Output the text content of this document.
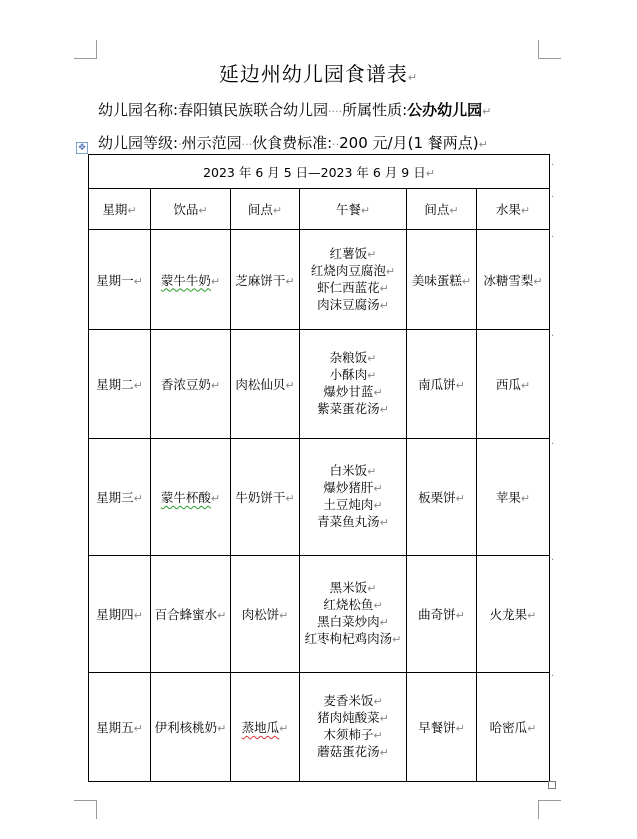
延边州幼儿园食谱表↵
幼儿园名称:春阳镇民族联合幼儿园····所属性质:公办幼儿园↵
幼儿园等级:·州示范园···伙食费标准:··200 元/月(1 餐两点)↵
✥
2023 年 6 月 5 日—2023 年 6 月 9 日↵					
星期↵	饮品↵	间点↵	午餐↵	间点↵	水果↵
星期一↵	蒙牛牛奶↵	芝麻饼干↵	红薯饭↵
红烧肉豆腐泡↵
虾仁西蓝花↵
肉沫豆腐汤↵	美味蛋糕↵	冰糖雪梨↵
星期二↵	香浓豆奶↵	肉松仙贝↵	杂粮饭↵
小酥肉↵
爆炒甘蓝↵
紫菜蛋花汤↵	南瓜饼↵	西瓜↵
星期三↵	蒙牛杯酸↵	牛奶饼干↵	白米饭↵
爆炒猪肝↵
土豆炖肉↵
青菜鱼丸汤↵	板栗饼↵	苹果↵
星期四↵	百合蜂蜜水↵	肉松饼↵	黑米饭↵
红烧松鱼↵
黑白菜炒肉↵
红枣枸杞鸡肉汤↵	曲奇饼↵	火龙果↵
星期五↵	伊利核桃奶↵	蒸地瓜↵	麦香米饭↵
猪肉炖酸菜↵
木须柿子↵
蘑菇蛋花汤↵	早餐饼↵	哈密瓜↵
·
·
·
·
·
·
·
